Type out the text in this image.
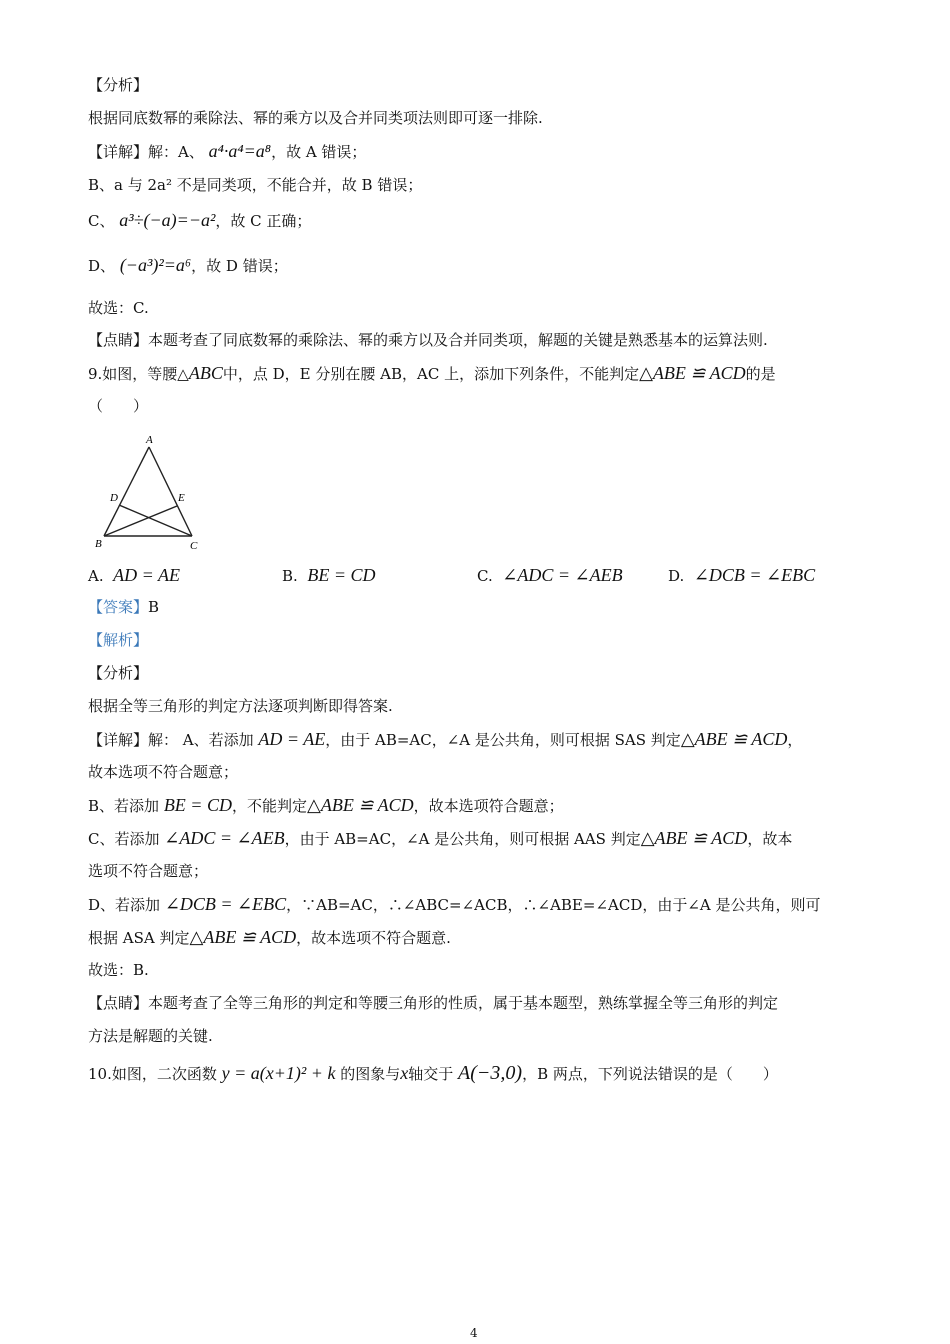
【分析】
根据同底数幂的乘除法、幂的乘方以及合并同类项法则即可逐一排除.
【详解】解：A、 a⁴·a⁴=a⁸，故 A 错误；
B、a 与 2a² 不是同类项，不能合并，故 B 错误；
C、 a³÷(−a)=−a²，故 C 正确；
D、 (−a³)²=a⁶，故 D 错误；
故选：C.
【点睛】本题考查了同底数幂的乘除法、幂的乘方以及合并同类项，解题的关键是熟悉基本的运算法则.
9.如图，等腰△ABC中，点 D，E 分别在腰 AB，AC 上，添加下列条件，不能判定△ABE ≌ ACD的是
（　　）
A
D	E
B	C
A. AD = AE	B. BE = CD	C. ∠ADC = ∠AEB	D. ∠DCB = ∠EBC
【答案】B
【解析】
【分析】
根据全等三角形的判定方法逐项判断即得答案.
【详解】解： A、若添加 AD = AE，由于 AB=AC，∠A 是公共角，则可根据 SAS 判定△ABE ≌ ACD，
故本选项不符合题意；
B、若添加 BE = CD，不能判定△ABE ≌ ACD，故本选项符合题意；
C、若添加 ∠ADC = ∠AEB，由于 AB=AC，∠A 是公共角，则可根据 AAS 判定△ABE ≌ ACD，故本
选项不符合题意；
D、若添加 ∠DCB = ∠EBC，∵AB=AC，∴∠ABC=∠ACB，∴∠ABE=∠ACD，由于∠A 是公共角，则可
根据 ASA 判定△ABE ≌ ACD，故本选项不符合题意.
故选：B.
【点睛】本题考查了全等三角形的判定和等腰三角形的性质，属于基本题型，熟练掌握全等三角形的判定
方法是解题的关键.
10.如图，二次函数 y = a(x+1)² + k 的图象与x轴交于 A(−3,0)，B 两点，下列说法错误的是（　　）
4
